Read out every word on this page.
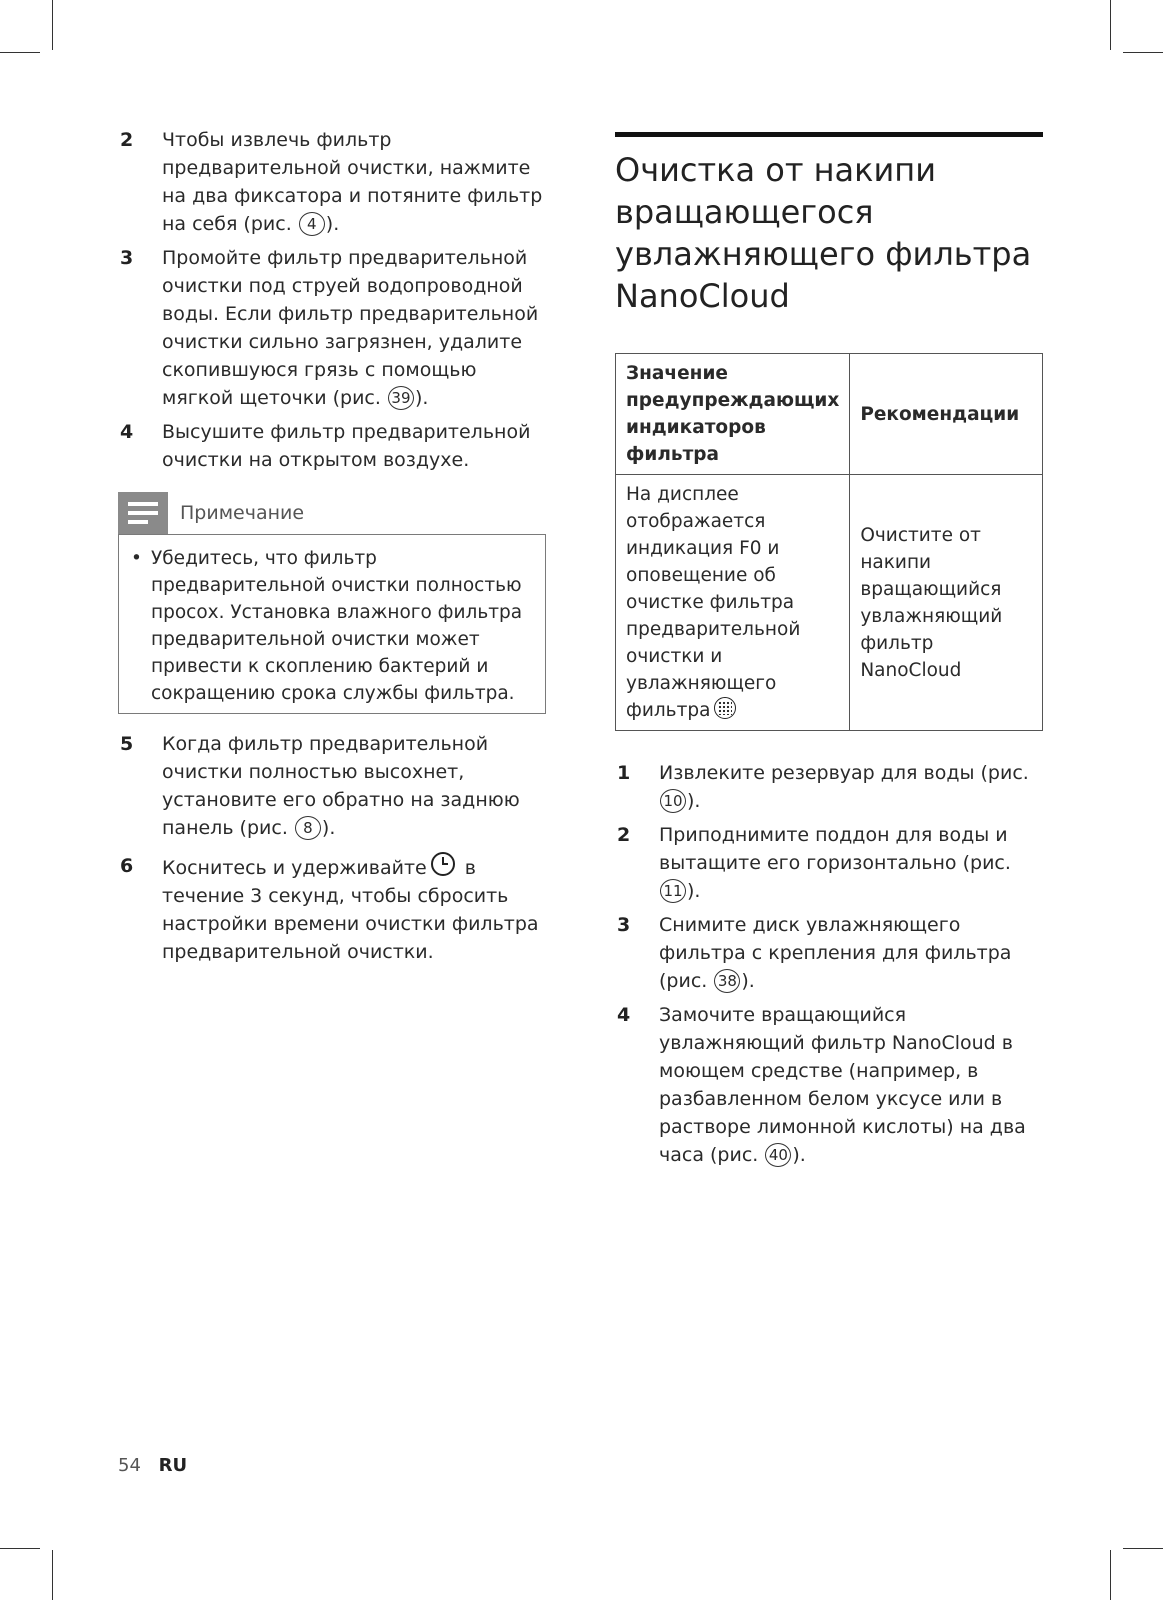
2 Чтобы извлечь фильтр предварительной очистки, нажмите на два фиксатора и потяните фильтр на себя (рис. 4 ).
3 Промойте фильтр предварительной очистки под струей водопроводной воды. Если фильтр предварительной очистки сильно загрязнен, удалите скопившуюся грязь с помощью мягкой щеточки (рис. 39 ).
4 Высушите фильтр предварительной очистки на открытом воздухе.
Примечание
• Убедитесь, что фильтр предварительной очистки полностью просох. Установка влажного фильтра предварительной очистки может привести к скоплению бактерий и сокращению срока службы фильтра.
5 Когда фильтр предварительной очистки полностью высохнет, установите его обратно на заднюю панель (рис. 8 ).
6 Коснитесь и удерживайте в течение 3 секунд, чтобы сбросить настройки времени очистки фильтра предварительной очистки.
Очистка от накипи вращающегося увлажняющего фильтра NanoCloud
Значение предупреждающих индикаторов фильтра	Рекомендации
На дисплее отображается индикация F0 и оповещение об очистке фильтра предварительной очистки и увлажняющего фильтра	Очистите от накипи вращающийся увлажняющий фильтр NanoCloud
1 Извлеките резервуар для воды (рис.10 ).
2 Приподнимите поддон для воды и вытащите его горизонтально (рис. 11 ).
3 Снимите диск увлажняющего фильтра с крепления для фильтра (рис. 38 ).
4 Замочите вращающийся увлажняющий фильтр NanoCloud в моющем средстве (например, в разбавленном белом уксусе или в растворе лимонной кислоты) на два часа (рис. 40 ).
54 RU
